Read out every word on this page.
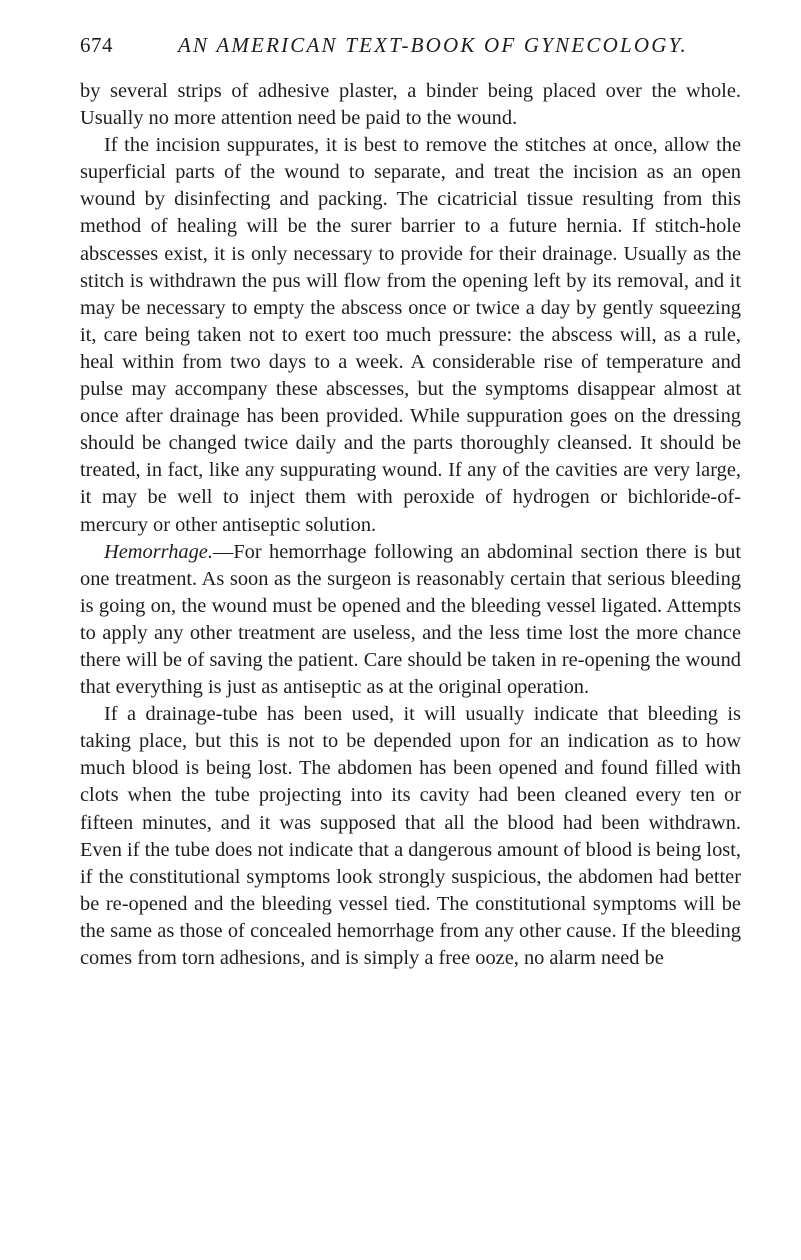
674	AN AMERICAN TEXT-BOOK OF GYNECOLOGY.

by several strips of adhesive plaster, a binder being placed over the whole. Usually no more attention need be paid to the wound.

If the incision suppurates, it is best to remove the stitches at once, allow the superficial parts of the wound to separate, and treat the incision as an open wound by disinfecting and packing. The cicatricial tissue resulting from this method of healing will be the surer barrier to a future hernia. If stitch-hole abscesses exist, it is only necessary to provide for their drainage. Usually as the stitch is withdrawn the pus will flow from the opening left by its removal, and it may be necessary to empty the abscess once or twice a day by gently squeezing it, care being taken not to exert too much pressure: the abscess will, as a rule, heal within from two days to a week. A considerable rise of temperature and pulse may accompany these abscesses, but the symptoms disappear almost at once after drainage has been provided. While suppuration goes on the dressing should be changed twice daily and the parts thoroughly cleansed. It should be treated, in fact, like any suppurating wound. If any of the cavities are very large, it may be well to inject them with peroxide of hydrogen or bichloride-of-mercury or other antiseptic solution.

Hemorrhage.—For hemorrhage following an abdominal section there is but one treatment. As soon as the surgeon is reasonably certain that serious bleeding is going on, the wound must be opened and the bleeding vessel ligated. Attempts to apply any other treatment are useless, and the less time lost the more chance there will be of saving the patient. Care should be taken in re-opening the wound that everything is just as antiseptic as at the original operation.

If a drainage-tube has been used, it will usually indicate that bleeding is taking place, but this is not to be depended upon for an indication as to how much blood is being lost. The abdomen has been opened and found filled with clots when the tube projecting into its cavity had been cleaned every ten or fifteen minutes, and it was supposed that all the blood had been withdrawn. Even if the tube does not indicate that a dangerous amount of blood is being lost, if the constitutional symptoms look strongly suspicious, the abdomen had better be re-opened and the bleeding vessel tied. The constitutional symptoms will be the same as those of concealed hemorrhage from any other cause. If the bleeding comes from torn adhesions, and is simply a free ooze, no alarm need be
